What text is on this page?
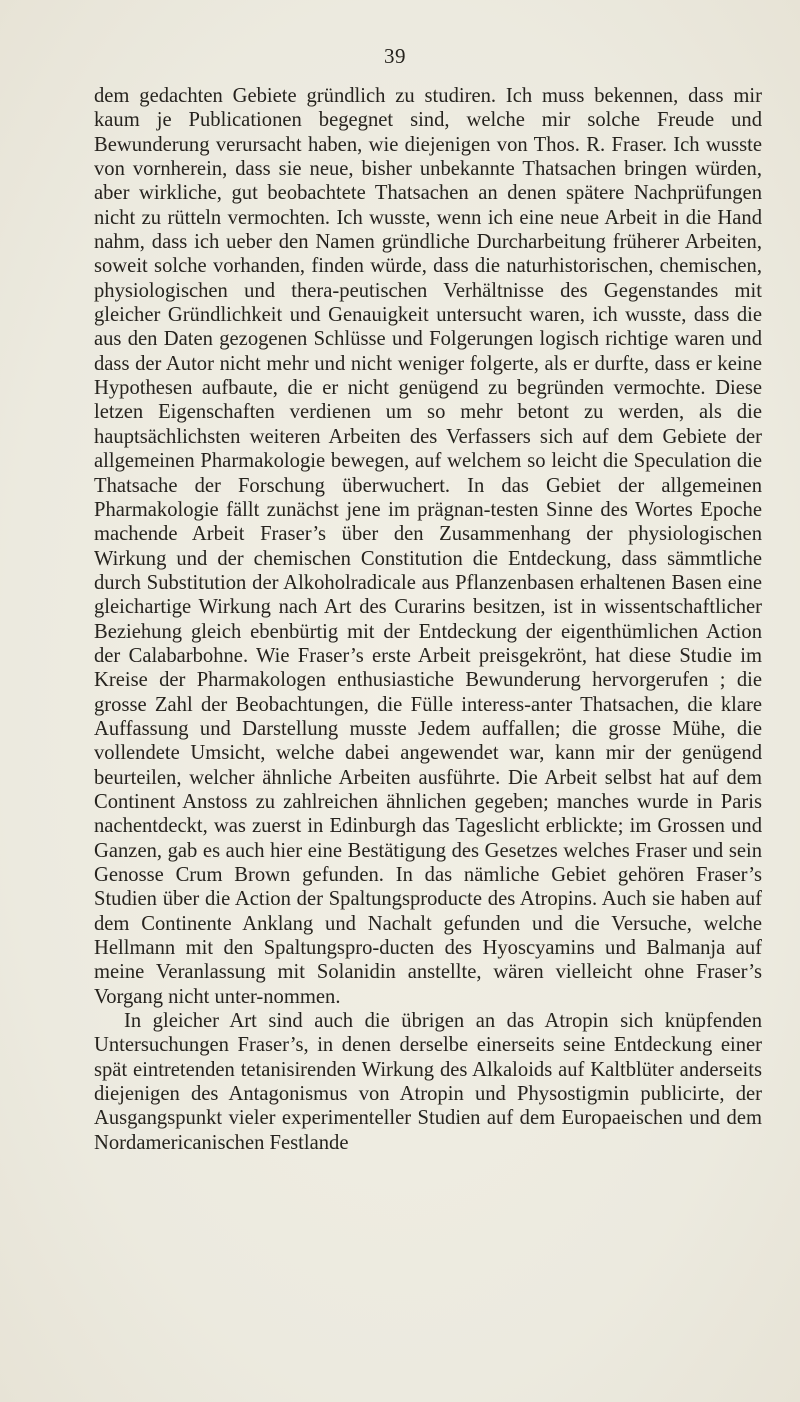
39

dem gedachten Gebiete gründlich zu studiren. Ich muss bekennen, dass mir kaum je Publicationen begegnet sind, welche mir solche Freude und Bewunderung verursacht haben, wie diejenigen von Thos. R. Fraser. Ich wusste von vornherein, dass sie neue, bisher unbekannte Thatsachen bringen würden, aber wirkliche, gut beobachtete Thatsachen an denen spätere Nachprüfungen nicht zu rütteln vermochten. Ich wusste, wenn ich eine neue Arbeit in die Hand nahm, dass ich ueber den Namen gründliche Durcharbeitung früherer Arbeiten, soweit solche vorhanden, finden würde, dass die naturhistorischen, chemischen, physiologischen und thera-peutischen Verhältnisse des Gegenstandes mit gleicher Gründlichkeit und Genauigkeit untersucht waren, ich wusste, dass die aus den Daten gezogenen Schlüsse und Folgerungen logisch richtige waren und dass der Autor nicht mehr und nicht weniger folgerte, als er durfte, dass er keine Hypothesen aufbaute, die er nicht genügend zu begründen vermochte. Diese letzen Eigenschaften verdienen um so mehr betont zu werden, als die hauptsächlichsten weiteren Arbeiten des Verfassers sich auf dem Gebiete der allgemeinen Pharmakologie bewegen, auf welchem so leicht die Speculation die Thatsache der Forschung überwuchert. In das Gebiet der allgemeinen Pharmakologie fällt zunächst jene im prägnan-testen Sinne des Wortes Epoche machende Arbeit Fraser’s über den Zusammenhang der physiologischen Wirkung und der chemischen Constitution die Entdeckung, dass sämmtliche durch Substitution der Alkoholradicale aus Pflanzenbasen erhaltenen Basen eine gleichartige Wirkung nach Art des Curarins besitzen, ist in wissentschaftlicher Beziehung gleich ebenbürtig mit der Entdeckung der eigenthümlichen Action der Calabarbohne. Wie Fraser’s erste Arbeit preisgekrönt, hat diese Studie im Kreise der Pharmakologen enthusiastiche Bewunderung hervorgerufen ; die grosse Zahl der Beobachtungen, die Fülle interess-anter Thatsachen, die klare Auffassung und Darstellung musste Jedem auffallen; die grosse Mühe, die vollendete Umsicht, welche dabei angewendet war, kann mir der genügend beurteilen, welcher ähnliche Arbeiten ausführte. Die Arbeit selbst hat auf dem Continent Anstoss zu zahlreichen ähnlichen gegeben; manches wurde in Paris nachentdeckt, was zuerst in Edinburgh das Tageslicht erblickte; im Grossen und Ganzen, gab es auch hier eine Bestätigung des Gesetzes welches Fraser und sein Genosse Crum Brown gefunden. In das nämliche Gebiet gehören Fraser’s Studien über die Action der Spaltungsproducte des Atropins. Auch sie haben auf dem Continente Anklang und Nachalt gefunden und die Versuche, welche Hellmann mit den Spaltungspro-ducten des Hyoscyamins und Balmanja auf meine Veranlassung mit Solanidin anstellte, wären vielleicht ohne Fraser’s Vorgang nicht unter-nommen.

In gleicher Art sind auch die übrigen an das Atropin sich knüpfenden Untersuchungen Fraser’s, in denen derselbe einerseits seine Entdeckung einer spät eintretenden tetanisirenden Wirkung des Alkaloids auf Kaltblüter anderseits diejenigen des Antagonismus von Atropin und Physostigmin publicirte, der Ausgangspunkt vieler experimenteller Studien auf dem Europaeischen und dem Nordamericanischen Festlande
